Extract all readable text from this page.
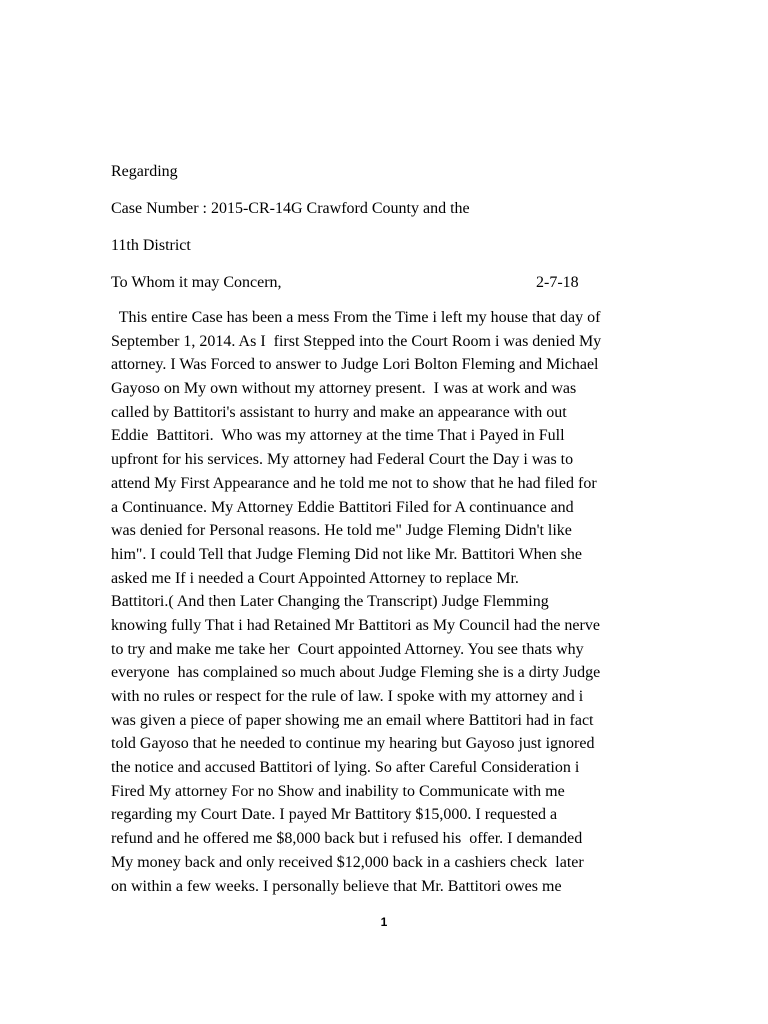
Regarding
Case Number : 2015-CR-14G Crawford County and the
11th District
To Whom it may Concern,	2-7-18
This entire Case has been a mess From the Time i left my house that day of
September 1, 2014. As I  first Stepped into the Court Room i was denied My
attorney. I Was Forced to answer to Judge Lori Bolton Fleming and Michael
Gayoso on My own without my attorney present.  I was at work and was
called by Battitori's assistant to hurry and make an appearance with out
Eddie  Battitori.  Who was my attorney at the time That i Payed in Full
upfront for his services. My attorney had Federal Court the Day i was to
attend My First Appearance and he told me not to show that he had filed for
a Continuance. My Attorney Eddie Battitori Filed for A continuance and
was denied for Personal reasons. He told me" Judge Fleming Didn't like
him". I could Tell that Judge Fleming Did not like Mr. Battitori When she
asked me If i needed a Court Appointed Attorney to replace Mr.
Battitori.( And then Later Changing the Transcript) Judge Flemming
knowing fully That i had Retained Mr Battitori as My Council had the nerve
to try and make me take her  Court appointed Attorney. You see thats why
everyone  has complained so much about Judge Fleming she is a dirty Judge
with no rules or respect for the rule of law. I spoke with my attorney and i
was given a piece of paper showing me an email where Battitori had in fact
told Gayoso that he needed to continue my hearing but Gayoso just ignored
the notice and accused Battitori of lying. So after Careful Consideration i
Fired My attorney For no Show and inability to Communicate with me
regarding my Court Date. I payed Mr Battitory $15,000. I requested a
refund and he offered me $8,000 back but i refused his  offer. I demanded
My money back and only received $12,000 back in a cashiers check  later
on within a few weeks. I personally believe that Mr. Battitori owes me
1
